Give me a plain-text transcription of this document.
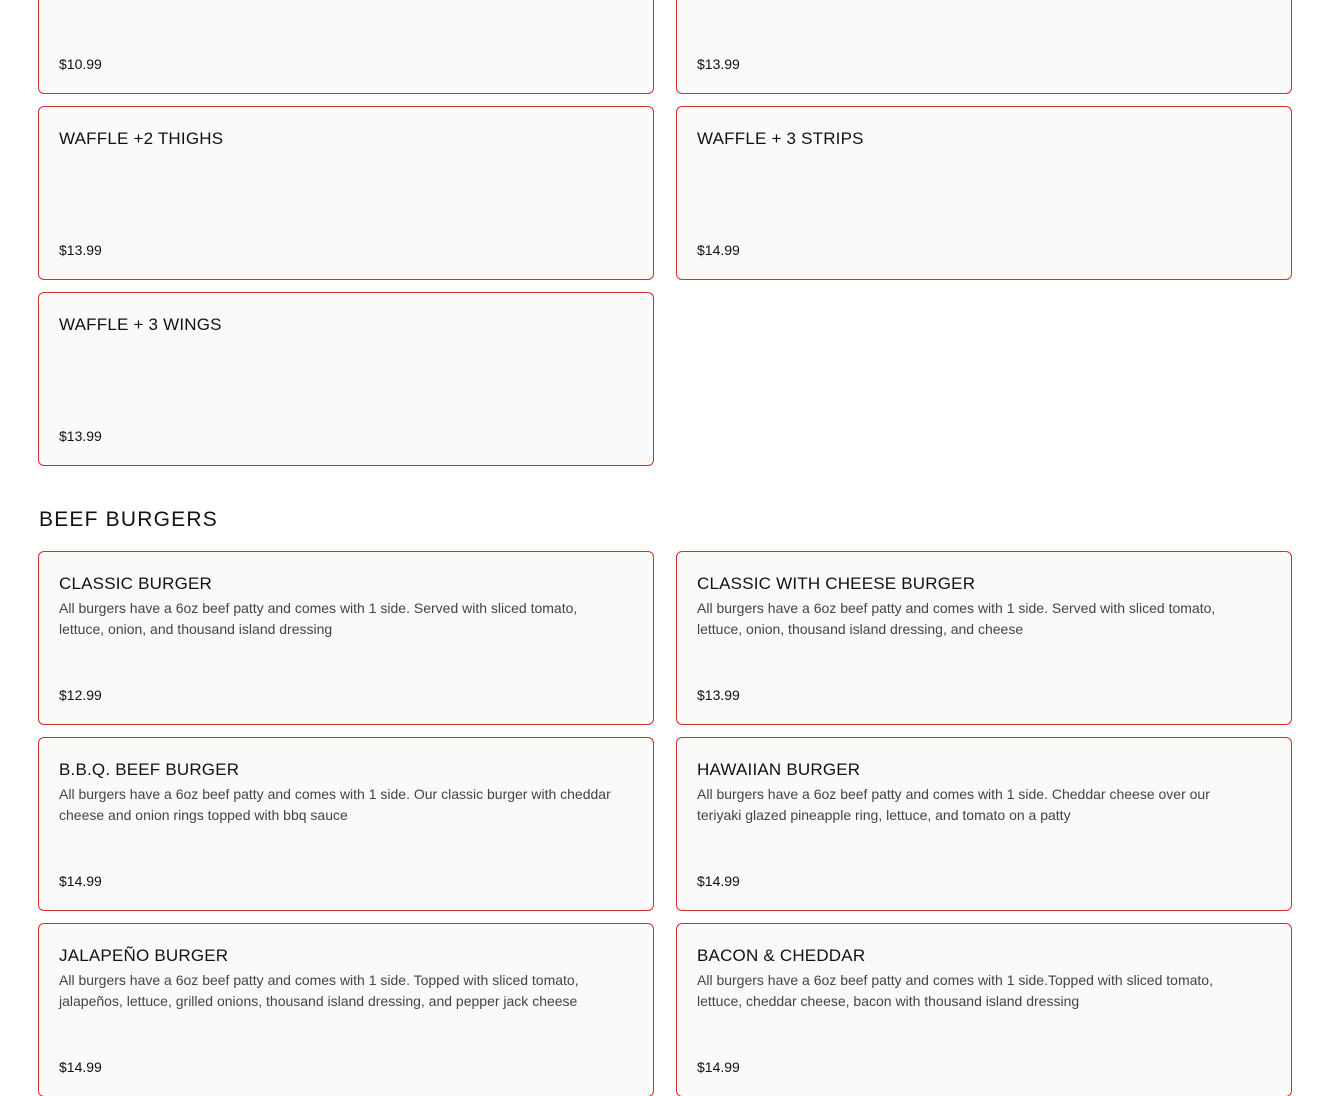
$10.99	$13.99
WAFFLE +2 THIGHS
$13.99
WAFFLE + 3 STRIPS
$14.99
WAFFLE + 3 WINGS
$13.99
BEEF BURGERS
CLASSIC BURGER
All burgers have a 6oz beef patty and comes with 1 side. Served with sliced tomato, lettuce, onion, and thousand island dressing
$12.99
CLASSIC WITH CHEESE BURGER
All burgers have a 6oz beef patty and comes with 1 side. Served with sliced tomato, lettuce, onion, thousand island dressing, and cheese
$13.99
B.B.Q. BEEF BURGER
All burgers have a 6oz beef patty and comes with 1 side. Our classic burger with cheddar cheese and onion rings topped with bbq sauce
$14.99
HAWAIIAN BURGER
All burgers have a 6oz beef patty and comes with 1 side. Cheddar cheese over our teriyaki glazed pineapple ring, lettuce, and tomato on a patty
$14.99
JALAPEÑO BURGER
All burgers have a 6oz beef patty and comes with 1 side. Topped with sliced tomato, jalapeños, lettuce, grilled onions, thousand island dressing, and pepper jack cheese
$14.99
BACON & CHEDDAR
All burgers have a 6oz beef patty and comes with 1 side.Topped with sliced tomato, lettuce, cheddar cheese, bacon with thousand island dressing
$14.99
